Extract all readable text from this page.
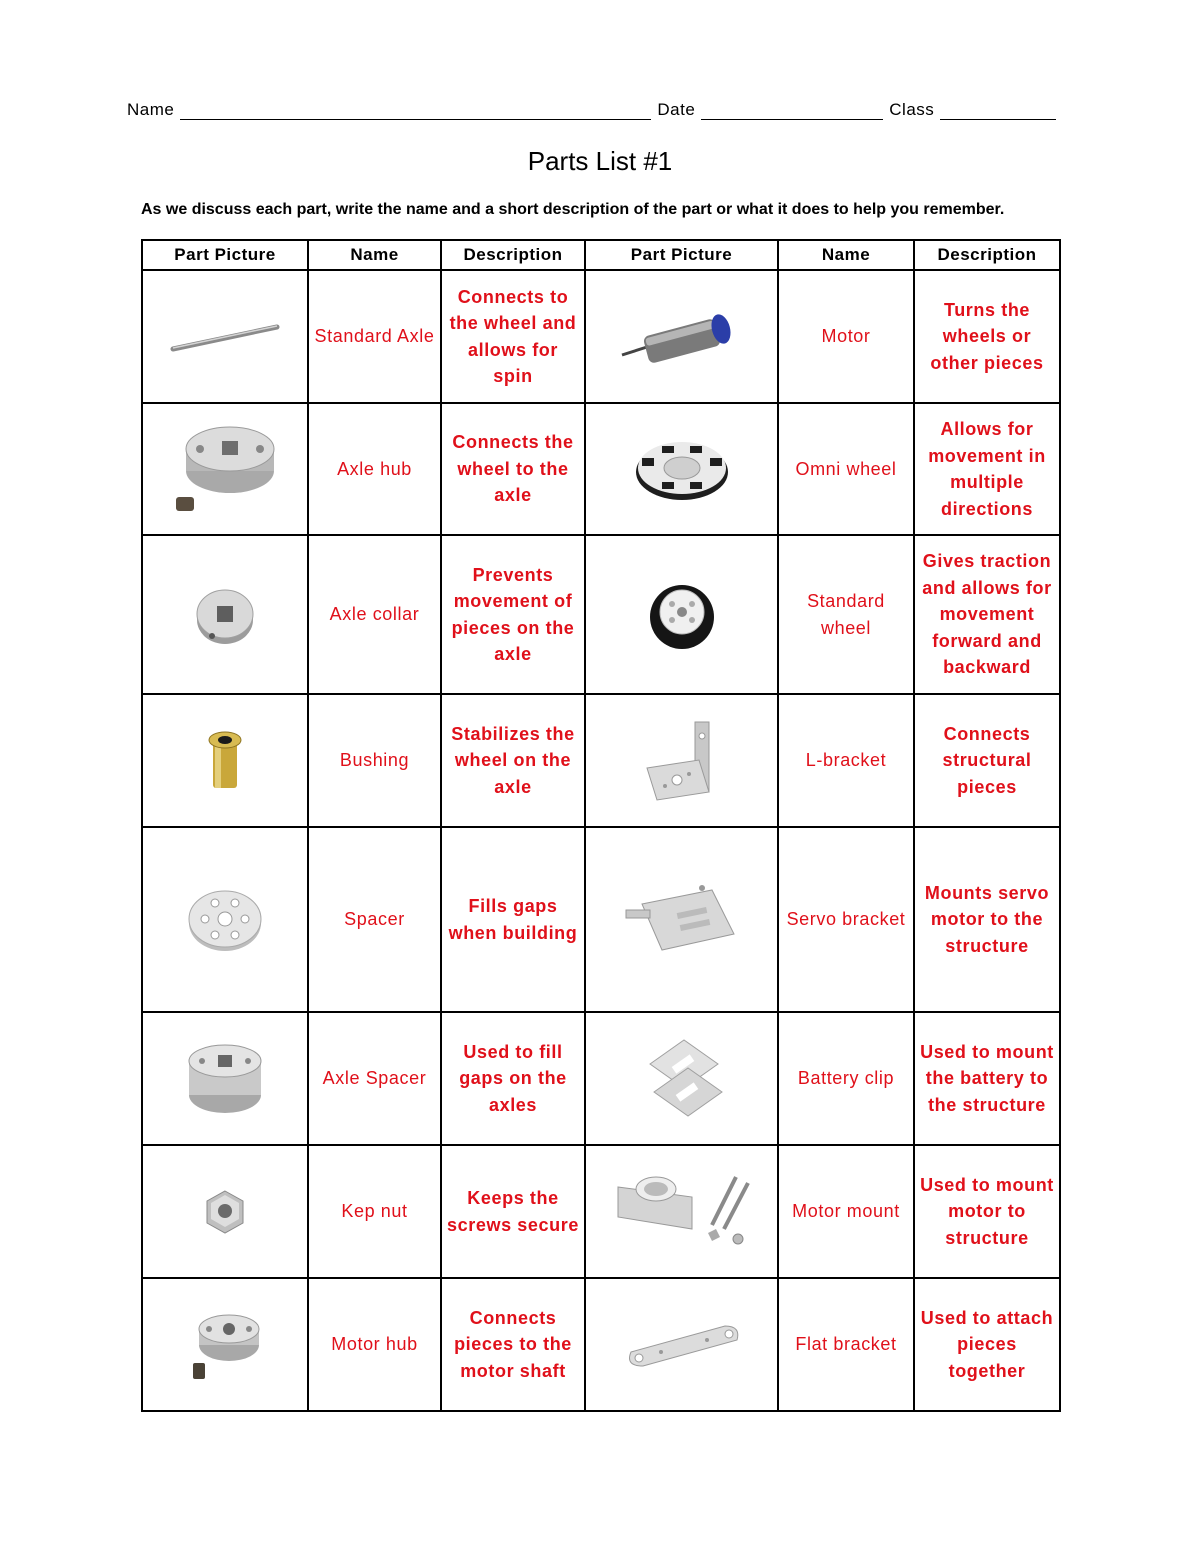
Name	Date	Class
Parts List #1
As we discuss each part, write the name and a short description of the part or what it does to help you remember.
Part Picture	Name	Description	Part Picture	Name	Description

	Standard Axle	Connects to the wheel and allows for spin		Motor	Turns the wheels or other pieces

	Axle hub	Connects the wheel to the axle		Omni wheel	Allows for movement in multiple directions

	Axle collar	Prevents movement of pieces on the axle		Standard wheel	Gives traction and allows for movement forward and backward

	Bushing	Stabilizes the wheel on the axle		L-bracket	Connects structural pieces

	Spacer	Fills gaps when building		Servo bracket	Mounts servo motor to the structure

	Axle Spacer	Used to fill gaps on the axles		Battery clip	Used to mount the battery to the structure

	Kep nut	Keeps the screws secure		Motor mount	Used to mount motor to structure

	Motor hub	Connects pieces to the motor shaft		Flat bracket	Used to attach pieces together
